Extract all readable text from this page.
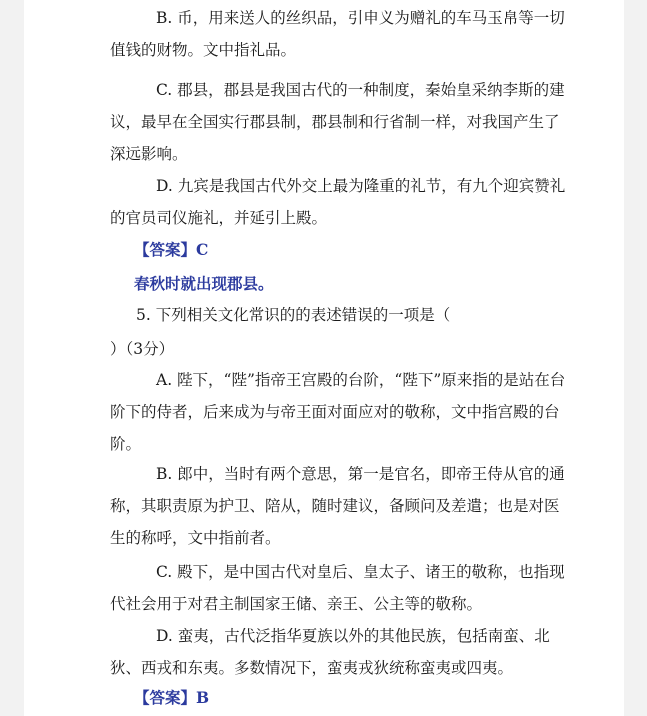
B. 币，用来送人的丝织品，引申义为赠礼的车马玉帛等一切值钱的财物。文中指礼品。
C. 郡县，郡县是我国古代的一种制度，秦始皇采纳李斯的建议，最早在全国实行郡县制，郡县制和行省制一样，对我国产生了深远影响。
D. 九宾是我国古代外交上最为隆重的礼节，有九个迎宾赞礼的官员司仪施礼，并延引上殿。
【答案】C
春秋时就出现郡县。
5. 下列相关文化常识的的表述错误的一项是（）（3分）
A. 陛下，“陛”指帝王宫殿的台阶，“陛下”原来指的是站在台阶下的侍者，后来成为与帝王面对面应对的敬称，文中指宫殿的台阶。
B. 郎中，当时有两个意思，第一是官名，即帝王侍从官的通称，其职责原为护卫、陪从，随时建议，备顾问及差遣；也是对医生的称呼，文中指前者。
C. 殿下，是中国古代对皇后、皇太子、诸王的敬称，也指现代社会用于对君主制国家王储、亲王、公主等的敬称。
D. 蛮夷，古代泛指华夏族以外的其他民族，包括南蛮、北狄、西戎和东夷。多数情况下，蛮夷戎狄统称蛮夷或四夷。
【答案】B
